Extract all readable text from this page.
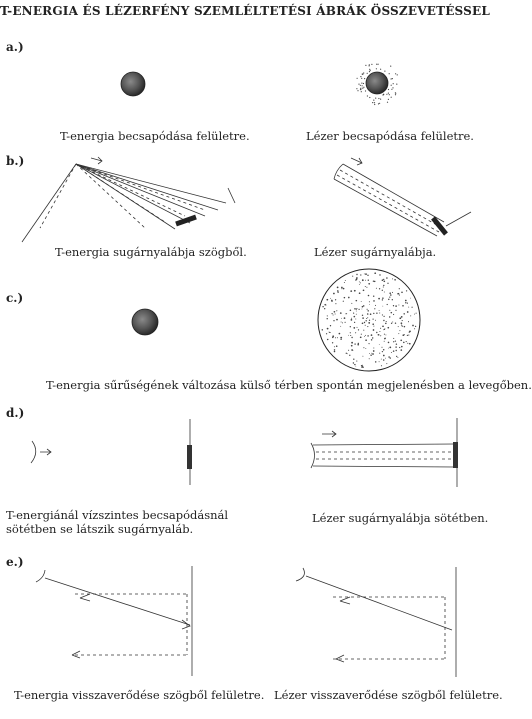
T-ENERGIA ÉS LÉZERFÉNY SZEMLÉLTETÉSI ÁBRÁK ÖSSZEVETÉSSEL
a.)
b.)
c.)
d.)
e.)
T-energia becsapódása felületre.	Lézer becsapódása felületre.
T-energia sugárnyalábja szögből.	Lézer sugárnyalábja.
T-energia sűrűségének változása külső térben spontán megjelenésben a levegőben.
T-energiánál vízszintes becsapódásnál
sötétben se látszik sugárnyaláb.
Lézer sugárnyalábja sötétben.
T-energia visszaverődése szögből felületre. Lézer visszaverődése szögből felületre.
